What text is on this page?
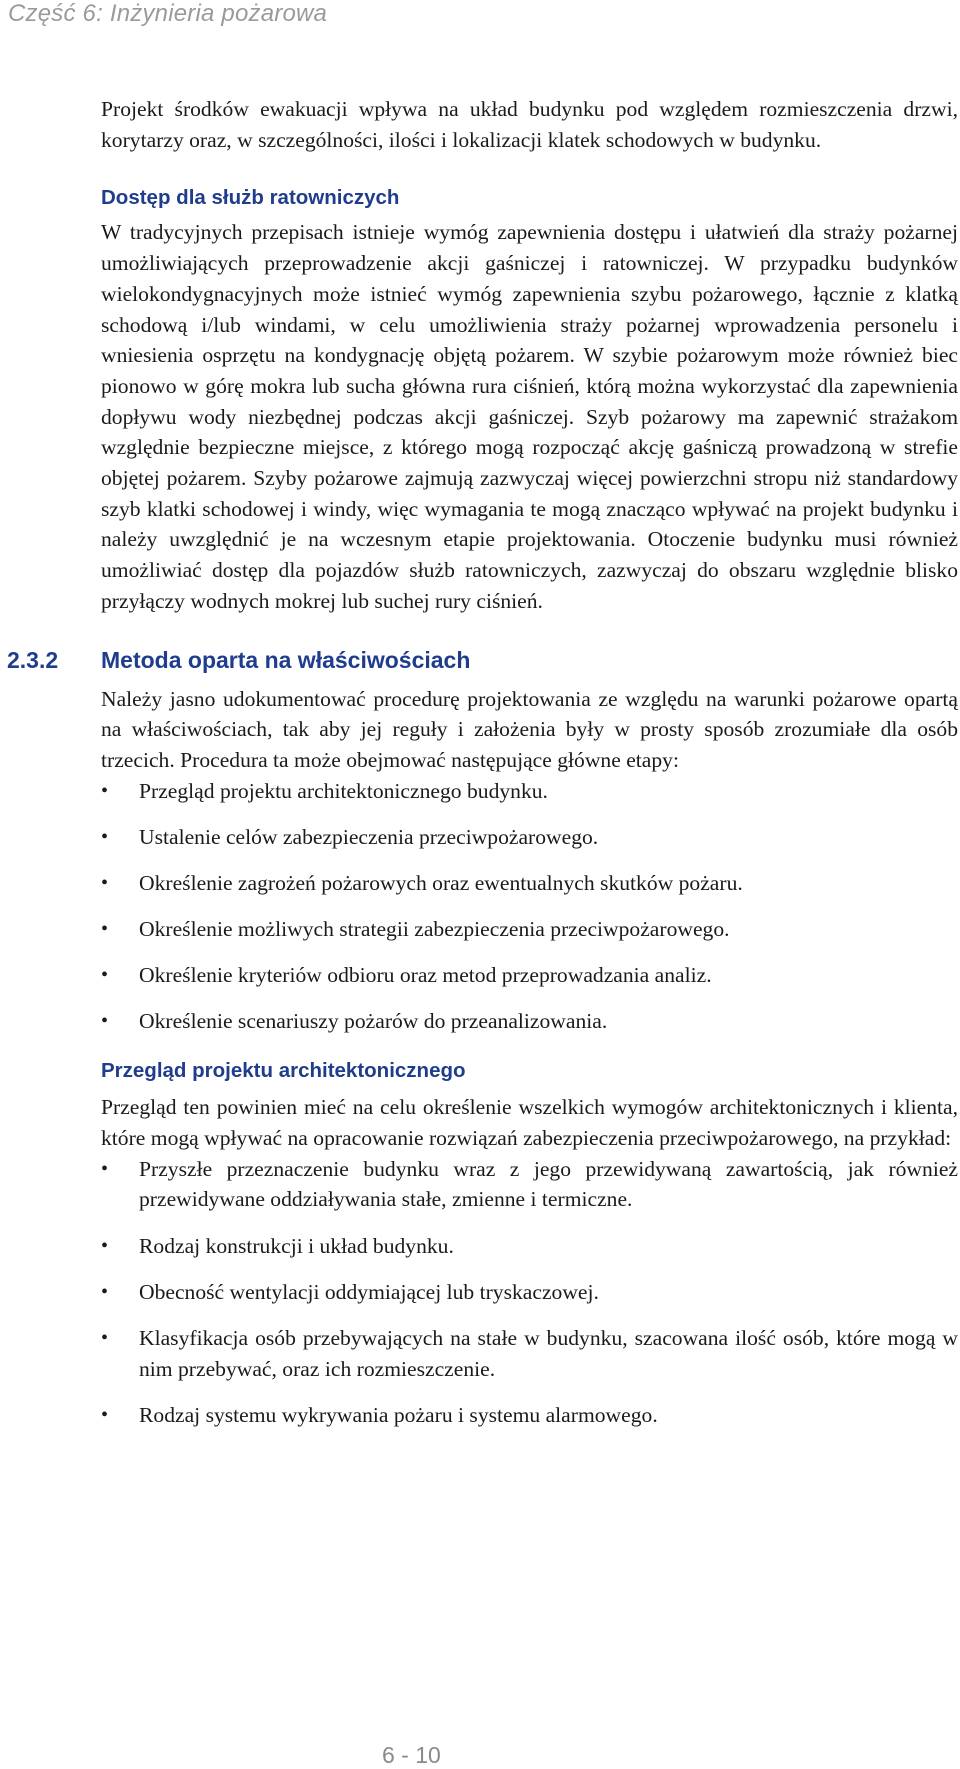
Część 6: Inżynieria pożarowa

Projekt środków ewakuacji wpływa na układ budynku pod względem rozmieszczenia drzwi, korytarzy oraz, w szczególności, ilości i lokalizacji klatek schodowych w budynku.

Dostęp dla służb ratowniczych

W tradycyjnych przepisach istnieje wymóg zapewnienia dostępu i ułatwień dla straży pożarnej umożliwiających przeprowadzenie akcji gaśniczej i ratowniczej. W przypadku budynków wielokondygnacyjnych może istnieć wymóg zapewnienia szybu pożarowego, łącznie z klatką schodową i/lub windami, w celu umożliwienia straży pożarnej wprowadzenia personelu i wniesienia osprzętu na kondygnację objętą pożarem. W szybie pożarowym może również biec pionowo w górę mokra lub sucha główna rura ciśnień, którą można wykorzystać dla zapewnienia dopływu wody niezbędnej podczas akcji gaśniczej. Szyb pożarowy ma zapewnić strażakom względnie bezpieczne miejsce, z którego mogą rozpocząć akcję gaśniczą prowadzoną w strefie objętej pożarem. Szyby pożarowe zajmują zazwyczaj więcej powierzchni stropu niż standardowy szyb klatki schodowej i windy, więc wymagania te mogą znacząco wpływać na projekt budynku i należy uwzględnić je na wczesnym etapie projektowania. Otoczenie budynku musi również umożliwiać dostęp dla pojazdów służb ratowniczych, zazwyczaj do obszaru względnie blisko przyłączy wodnych mokrej lub suchej rury ciśnień.

2.3.2 Metoda oparta na właściwościach

Należy jasno udokumentować procedurę projektowania ze względu na warunki pożarowe opartą na właściwościach, tak aby jej reguły i założenia były w prosty sposób zrozumiałe dla osób trzecich. Procedura ta może obejmować następujące główne etapy:

• Przegląd projektu architektonicznego budynku.
• Ustalenie celów zabezpieczenia przeciwpożarowego.
• Określenie zagrożeń pożarowych oraz ewentualnych skutków pożaru.
• Określenie możliwych strategii zabezpieczenia przeciwpożarowego.
• Określenie kryteriów odbioru oraz metod przeprowadzania analiz.
• Określenie scenariuszy pożarów do przeanalizowania.
Przegląd projektu architektonicznego

Przegląd ten powinien mieć na celu określenie wszelkich wymogów architektonicznych i klienta, które mogą wpływać na opracowanie rozwiązań zabezpieczenia przeciwpożarowego, na przykład:

• Przyszłe przeznaczenie budynku wraz z jego przewidywaną zawartością, jak również przewidywane oddziaływania stałe, zmienne i termiczne.
• Rodzaj konstrukcji i układ budynku.
• Obecność wentylacji oddymiającej lub tryskaczowej.
• Klasyfikacja osób przebywających na stałe w budynku, szacowana ilość osób, które mogą w nim przebywać, oraz ich rozmieszczenie.
• Rodzaj systemu wykrywania pożaru i systemu alarmowego.
6 - 10
